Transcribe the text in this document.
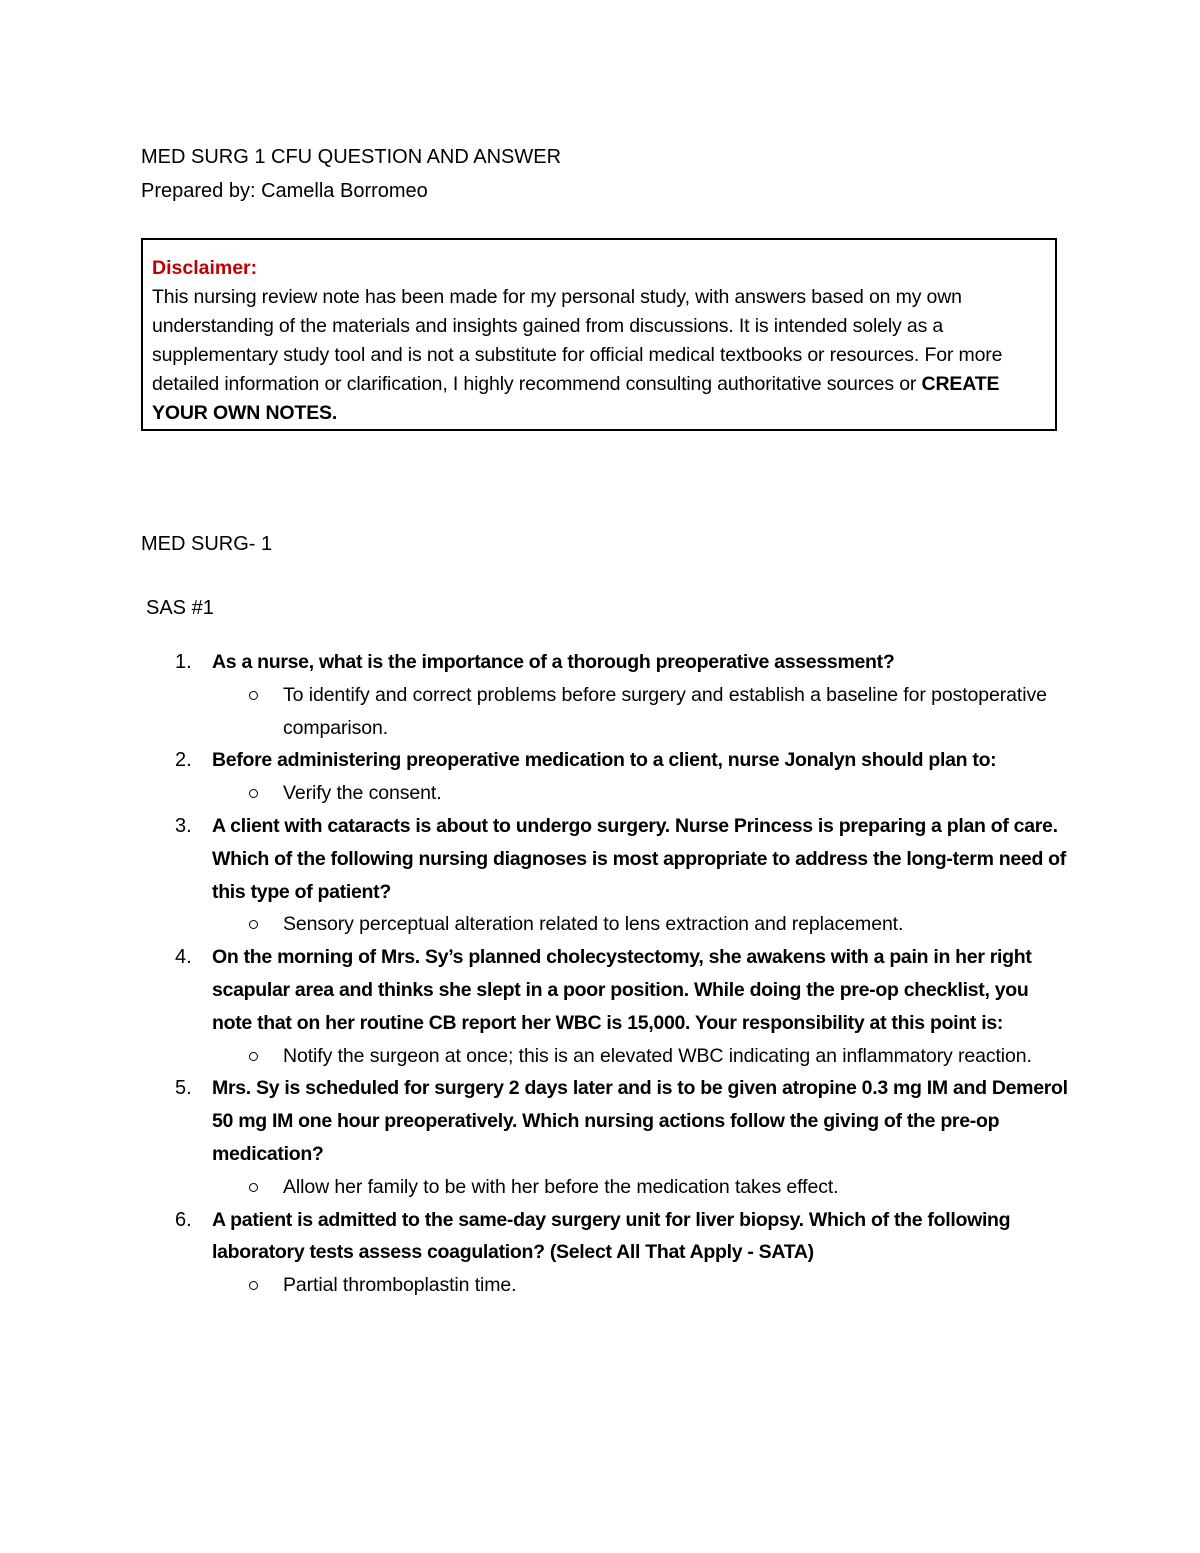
MED SURG 1 CFU QUESTION AND ANSWER
Prepared by: Camella Borromeo
Disclaimer:
This nursing review note has been made for my personal study, with answers based on my own understanding of the materials and insights gained from discussions. It is intended solely as a supplementary study tool and is not a substitute for official medical textbooks or resources. For more detailed information or clarification, I highly recommend consulting authoritative sources or CREATE YOUR OWN NOTES.
MED SURG- 1
SAS #1
1. As a nurse, what is the importance of a thorough preoperative assessment?
To identify and correct problems before surgery and establish a baseline for postoperative comparison.
2. Before administering preoperative medication to a client, nurse Jonalyn should plan to:
Verify the consent.
3. A client with cataracts is about to undergo surgery. Nurse Princess is preparing a plan of care. Which of the following nursing diagnoses is most appropriate to address the long-term need of this type of patient?
Sensory perceptual alteration related to lens extraction and replacement.
4. On the morning of Mrs. Sy’s planned cholecystectomy, she awakens with a pain in her right scapular area and thinks she slept in a poor position. While doing the pre-op checklist, you note that on her routine CB report her WBC is 15,000. Your responsibility at this point is:
Notify the surgeon at once; this is an elevated WBC indicating an inflammatory reaction.
5. Mrs. Sy is scheduled for surgery 2 days later and is to be given atropine 0.3 mg IM and Demerol 50 mg IM one hour preoperatively. Which nursing actions follow the giving of the pre-op medication?
Allow her family to be with her before the medication takes effect.
6. A patient is admitted to the same-day surgery unit for liver biopsy. Which of the following laboratory tests assess coagulation? (Select All That Apply - SATA)
Partial thromboplastin time.
